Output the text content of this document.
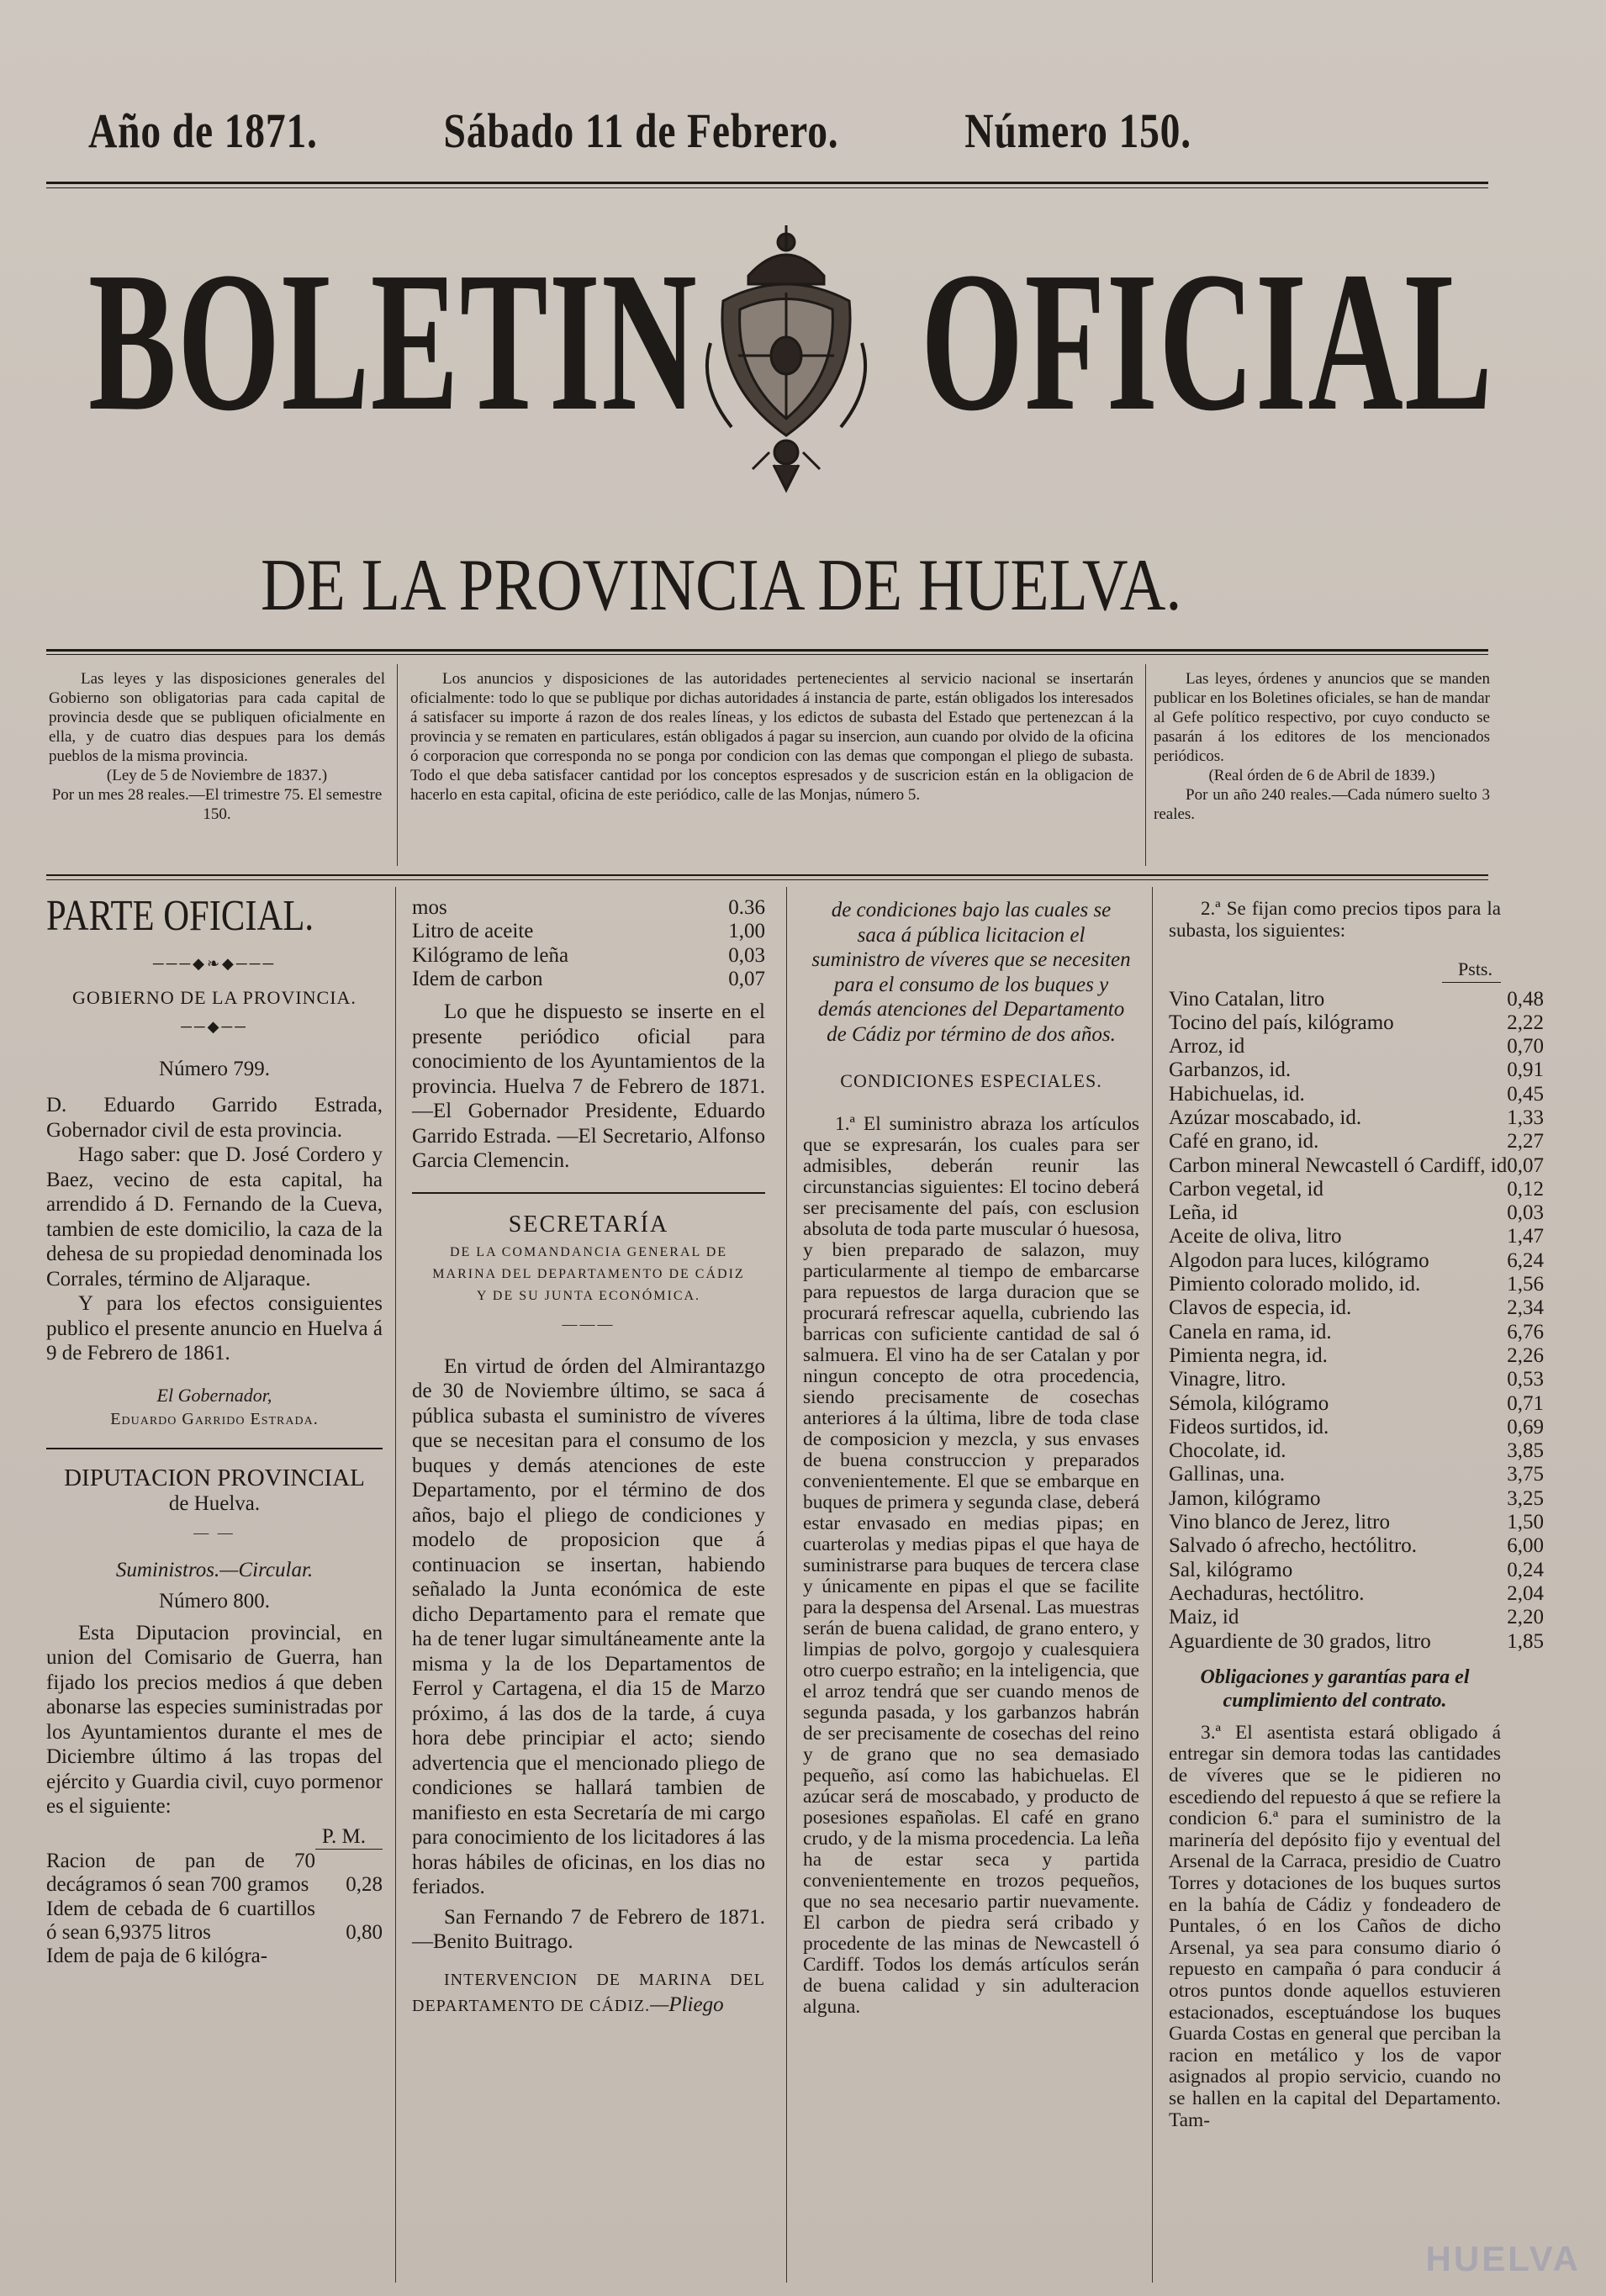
Año de 1871.	Sábado 11 de Febrero.	Número 150.
BOLETIN OFICIAL
DE LA PROVINCIA DE HUELVA.

Las leyes y las disposiciones generales del Gobierno son obligatorias para cada capital de provincia desde que se publiquen oficialmente en ella, y de cuatro dias despues para los demás pueblos de la misma provincia.

(Ley de 5 de Noviembre de 1837.)

Por un mes 28 reales.—El trimestre 75. El semestre 150.

Los anuncios y disposiciones de las autoridades pertenecientes al servicio nacional se insertarán oficialmente: todo lo que se publique por dichas autoridades á instancia de parte, están obligados los interesados á satisfacer su importe á razon de dos reales líneas, y los edictos de subasta del Estado que pertenezcan á la provincia y se rematen en particulares, están obligados á pagar su insercion, aun cuando por olvido de la oficina ó corporacion que corresponda no se ponga por condicion con las demas que compongan el pliego de subasta. Todo el que deba satisfacer cantidad por los conceptos espresados y de suscricion están en la obligacion de hacerlo en esta capital, oficina de este periódico, calle de las Monjas, número 5.

Las leyes, órdenes y anuncios que se manden publicar en los Boletines oficiales, se han de mandar al Gefe político respectivo, por cuyo conducto se pasarán á los editores de los mencionados periódicos.

(Real órden de 6 de Abril de 1839.)

Por un año 240 reales.—Cada número suelto 3 reales.

PARTE OFICIAL.
───◆❧◆───

GOBIERNO DE LA PROVINCIA.

──◆──

Número 799.

D. Eduardo Garrido Estrada, Gobernador civil de esta provincia.

Hago saber: que D. José Cordero y Baez, vecino de esta capital, ha arrendido á D. Fernando de la Cueva, tambien de este domicilio, la caza de la dehesa de su propiedad denominada los Corrales, término de Aljaraque.

Y para los efectos consiguientes publico el presente anuncio en Huelva á 9 de Febrero de 1861.

El Gobernador,

Eduardo Garrido Estrada.

DIPUTACION PROVINCIAL

de Huelva.

— —

Suministros.—Circular.

Número 800.

Esta Diputacion provincial, en union del Comisario de Guerra, han fijado los precios medios á que deben abonarse las especies suministradas por los Ayuntamientos durante el mes de Diciembre último á las tropas del ejército y Guardia civil, cuyo pormenor es el siguiente:

P. M.

Racion de pan de 70 decágramos ó sean 700 gramos	0,28
Idem de cebada de 6 cuartillos ó sean 6,9375 litros	0,80
Idem de paja de 6 kilógra-	
mos	0.36
Litro de aceite	1,00
Kilógramo de leña	0,03
Idem de carbon	0,07

Lo que he dispuesto se inserte en el presente periódico oficial para conocimiento de los Ayuntamientos de la provincia. Huelva 7 de Febrero de 1871.—El Gobernador Presidente, Eduardo Garrido Estrada. —El Secretario, Alfonso Garcia Clemencin.

SECRETARÍA

DE LA COMANDANCIA GENERAL DE MARINA DEL DEPARTAMENTO DE CÁDIZ Y DE SU JUNTA ECONÓMICA.

———

En virtud de órden del Almirantazgo de 30 de Noviembre último, se saca á pública subasta el suministro de víveres que se necesitan para el consumo de los buques y demás atenciones de este Departamento, por el término de dos años, bajo el pliego de condiciones y modelo de proposicion que á continuacion se insertan, habiendo señalado la Junta económica de este dicho Departamento para el remate que ha de tener lugar simultáneamente ante la misma y la de los Departamentos de Ferrol y Cartagena, el dia 15 de Marzo próximo, á las dos de la tarde, á cuya hora debe principiar el acto; siendo advertencia que el mencionado pliego de condiciones se hallará tambien de manifiesto en esta Secretaría de mi cargo para conocimiento de los licitadores á las horas hábiles de oficinas, en los dias no feriados.

San Fernando 7 de Febrero de 1871.—Benito Buitrago.

INTERVENCION DE MARINA DEL DEPARTAMENTO DE CÁDIZ.—Pliego

de condiciones bajo las cuales se saca á pública licitacion el suministro de víveres que se necesiten para el consumo de los buques y demás atenciones del Departamento de Cádiz por término de dos años.

CONDICIONES ESPECIALES.

1.ª El suministro abraza los artículos que se expresarán, los cuales para ser admisibles, deberán reunir las circunstancias siguientes: El tocino deberá ser precisamente del país, con esclusion absoluta de toda parte muscular ó huesosa, y bien preparado de salazon, muy particularmente al tiempo de embarcarse para repuestos de larga duracion que se procurará refrescar aquella, cubriendo las barricas con suficiente cantidad de sal ó salmuera. El vino ha de ser Catalan y por ningun concepto de otra procedencia, siendo precisamente de cosechas anteriores á la última, libre de toda clase de composicion y mezcla, y sus envases de buena construccion y preparados convenientemente. El que se embarque en buques de primera y segunda clase, deberá estar envasado en medias pipas; en cuarterolas y medias pipas el que haya de suministrarse para buques de tercera clase y únicamente en pipas el que se facilite para la despensa del Arsenal. Las muestras serán de buena calidad, de grano entero, y limpias de polvo, gorgojo y cualesquiera otro cuerpo estraño; en la inteligencia, que el arroz tendrá que ser cuando menos de segunda pasada, y los garbanzos habrán de ser precisamente de cosechas del reino y de grano que no sea demasiado pequeño, así como las habichuelas. El azúcar será de moscabado, y producto de posesiones españolas. El café en grano crudo, y de la misma procedencia. La leña ha de estar seca y partida convenientemente en trozos pequeños, que no sea necesario partir nuevamente. El carbon de piedra será cribado y procedente de las minas de Newcastell ó Cardiff. Todos los demás artículos serán de buena calidad y sin adulteracion alguna.

2.ª Se fijan como precios tipos para la subasta, los siguientes:

Psts.

Vino Catalan, litro	0,48
Tocino del país, kilógramo	2,22
Arroz, id	0,70
Garbanzos, id.	0,91
Habichuelas, id.	0,45
Azúzar moscabado, id.	1,33
Café en grano, id.	2,27
Carbon mineral Newcastell ó Cardiff, id	0,07
Carbon vegetal, id	0,12
Leña, id	0,03
Aceite de oliva, litro	1,47
Algodon para luces, kilógramo	6,24
Pimiento colorado molido, id.	1,56
Clavos de especia, id.	2,34
Canela en rama, id.	6,76
Pimienta negra, id.	2,26
Vinagre, litro.	0,53
Sémola, kilógramo	0,71
Fideos surtidos, id.	0,69
Chocolate, id.	3,85
Gallinas, una.	3,75
Jamon, kilógramo	3,25
Vino blanco de Jerez, litro	1,50
Salvado ó afrecho, hectólitro.	6,00
Sal, kilógramo	0,24
Aechaduras, hectólitro.	2,04
Maiz, id	2,20
Aguardiente de 30 grados, litro	1,85

Obligaciones y garantías para el cumplimiento del contrato.

3.ª El asentista estará obligado á entregar sin demora todas las cantidades de víveres que se le pidieren no escediendo del repuesto á que se refiere la condicion 6.ª para el suministro de la marinería del depósito fijo y eventual del Arsenal de la Carraca, presidio de Cuatro Torres y dotaciones de los buques surtos en la bahía de Cádiz y fondeadero de Puntales, ó en los Caños de dicho Arsenal, ya sea para consumo diario ó repuesto en campaña ó para conducir á otros puntos donde aquellos estuvieren estacionados, esceptuándose los buques Guarda Costas en general que perciban la racion en metálico y los de vapor asignados al propio servicio, cuando no se hallen en la capital del Departamento. Tam-

HUELVA
